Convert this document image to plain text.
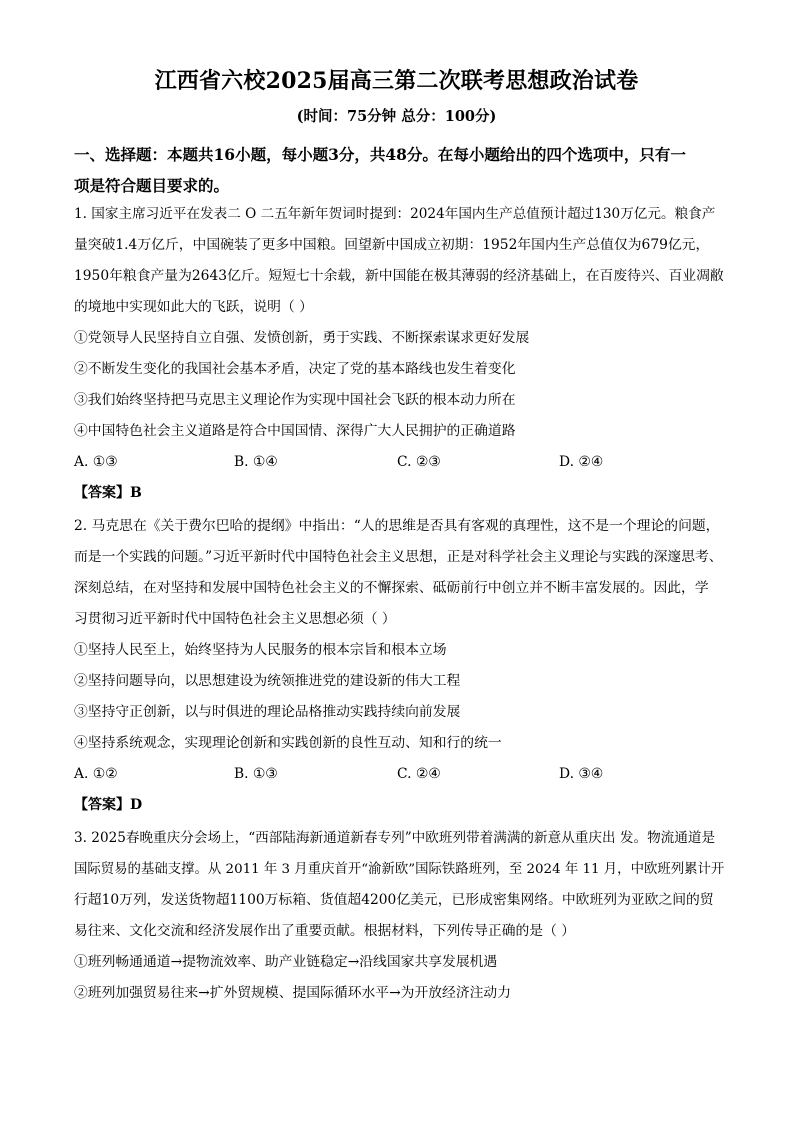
江西省六校2025届高三第二次联考思想政治试卷
(时间：75分钟 总分：100分)
一、选择题：本题共16小题，每小题3分，共48分。在每小题给出的四个选项中，只有一
项是符合题目要求的。
1. 国家主席习近平在发表二 O 二五年新年贺词时提到：2024年国内生产总值预计超过130万亿元。粮食产
量突破1.4万亿斤，中国碗装了更多中国粮。回望新中国成立初期：1952年国内生产总值仅为679亿元，
1950年粮食产量为2643亿斤。短短七十余载，新中国能在极其薄弱的经济基础上，在百废待兴、百业凋敝
的境地中实现如此大的飞跃，说明（ ）
①党领导人民坚持自立自强、发愤创新，勇于实践、不断探索谋求更好发展
②不断发生变化的我国社会基本矛盾，决定了党的基本路线也发生着变化
③我们始终坚持把马克思主义理论作为实现中国社会飞跃的根本动力所在
④中国特色社会主义道路是符合中国国情、深得广大人民拥护的正确道路
A. ①③	B. ①④	C. ②③	D. ②④
【答案】B
2. 马克思在《关于费尔巴哈的提纲》中指出：“人的思维是否具有客观的真理性，这不是一个理论的问题，
而是一个实践的问题。”习近平新时代中国特色社会主义思想，正是对科学社会主义理论与实践的深邃思考、
深刻总结，在对坚持和发展中国特色社会主义的不懈探索、砥砺前行中创立并不断丰富发展的。因此，学
习贯彻习近平新时代中国特色社会主义思想必须（ ）
①坚持人民至上，始终坚持为人民服务的根本宗旨和根本立场
②坚持问题导向，以思想建设为统领推进党的建设新的伟大工程
③坚持守正创新，以与时俱进的理论品格推动实践持续向前发展
④坚持系统观念，实现理论创新和实践创新的良性互动、知和行的统一
A. ①②	B. ①③	C. ②④	D. ③④
【答案】D
3. 2025春晚重庆分会场上，“西部陆海新通道新春专列”中欧班列带着满满的新意从重庆出 发。物流通道是
国际贸易的基础支撑。从 2011 年 3 月重庆首开“渝新欧”国际铁路班列，至 2024 年 11 月，中欧班列累计开
行超10万列，发送货物超1100万标箱、货值超4200亿美元，已形成密集网络。中欧班列为亚欧之间的贸
易往来、文化交流和经济发展作出了重要贡献。根据材料，下列传导正确的是（ ）
①班列畅通通道→提物流效率、助产业链稳定→沿线国家共享发展机遇
②班列加强贸易往来→扩外贸规模、提国际循环水平→为开放经济注动力
